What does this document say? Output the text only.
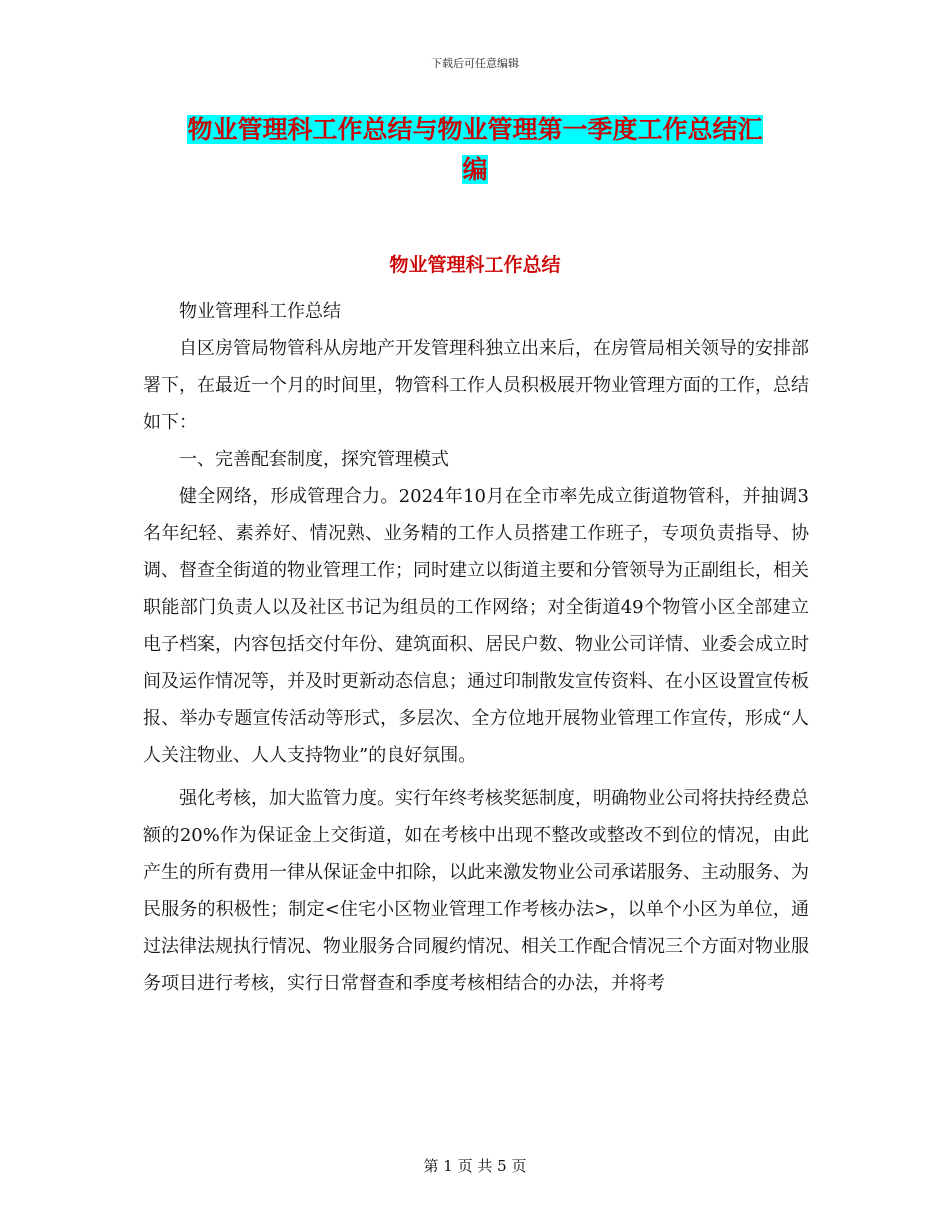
下载后可任意编辑
物业管理科工作总结与物业管理第一季度工作总结汇
编
物业管理科工作总结

物业管理科工作总结

自区房管局物管科从房地产开发管理科独立出来后，在房管局相关领导的安排部署下，在最近一个月的时间里，物管科工作人员积极展开物业管理方面的工作，总结如下：

一、完善配套制度，探究管理模式

健全网络，形成管理合力。2024年10月在全市率先成立街道物管科，并抽调3名年纪轻、素养好、情况熟、业务精的工作人员搭建工作班子，专项负责指导、协调、督查全街道的物业管理工作；同时建立以街道主要和分管领导为正副组长，相关职能部门负责人以及社区书记为组员的工作网络；对全街道49个物管小区全部建立电子档案，内容包括交付年份、建筑面积、居民户数、物业公司详情、业委会成立时间及运作情况等，并及时更新动态信息；通过印制散发宣传资料、在小区设置宣传板报、举办专题宣传活动等形式，多层次、全方位地开展物业管理工作宣传，形成“人人关注物业、人人支持物业”的良好氛围。

强化考核，加大监管力度。实行年终考核奖惩制度，明确物业公司将扶持经费总额的20%作为保证金上交街道，如在考核中出现不整改或整改不到位的情况，由此产生的所有费用一律从保证金中扣除，以此来激发物业公司承诺服务、主动服务、为民服务的积极性；制定<住宅小区物业管理工作考核办法>，以单个小区为单位，通过法律法规执行情况、物业服务合同履约情况、相关工作配合情况三个方面对物业服务项目进行考核，实行日常督查和季度考核相结合的办法，并将考

第 1 页 共 5 页
